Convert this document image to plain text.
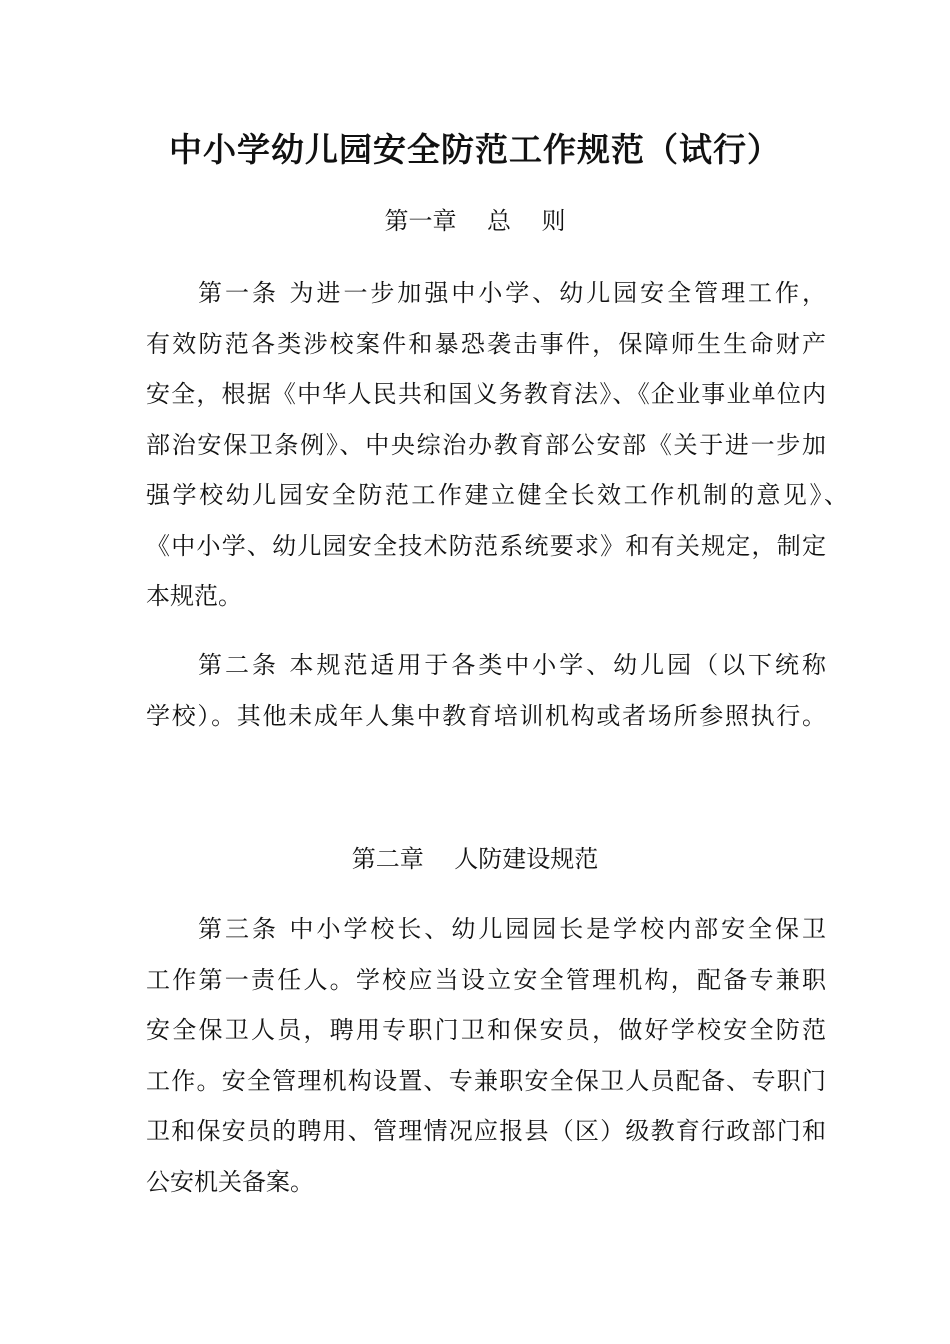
中小学幼儿园安全防范工作规范（试行）
第一章    总    则
第一条 为进一步加强中小学、幼儿园安全管理工作，
有效防范各类涉校案件和暴恐袭击事件，保障师生生命财产
安全，根据《中华人民共和国义务教育法》、《企业事业单位内
部治安保卫条例》、中央综治办教育部公安部《关于进一步加
强学校幼儿园安全防范工作建立健全长效工作机制的意见》、
《中小学、幼儿园安全技术防范系统要求》和有关规定，制定
本规范。
第二条 本规范适用于各类中小学、幼儿园（以下统称
学校）。其他未成年人集中教育培训机构或者场所参照执行。
第二章    人防建设规范
第三条 中小学校长、幼儿园园长是学校内部安全保卫
工作第一责任人。学校应当设立安全管理机构，配备专兼职
安全保卫人员，聘用专职门卫和保安员，做好学校安全防范
工作。安全管理机构设置、专兼职安全保卫人员配备、专职门
卫和保安员的聘用、管理情况应报县（区）级教育行政部门和
公安机关备案。
